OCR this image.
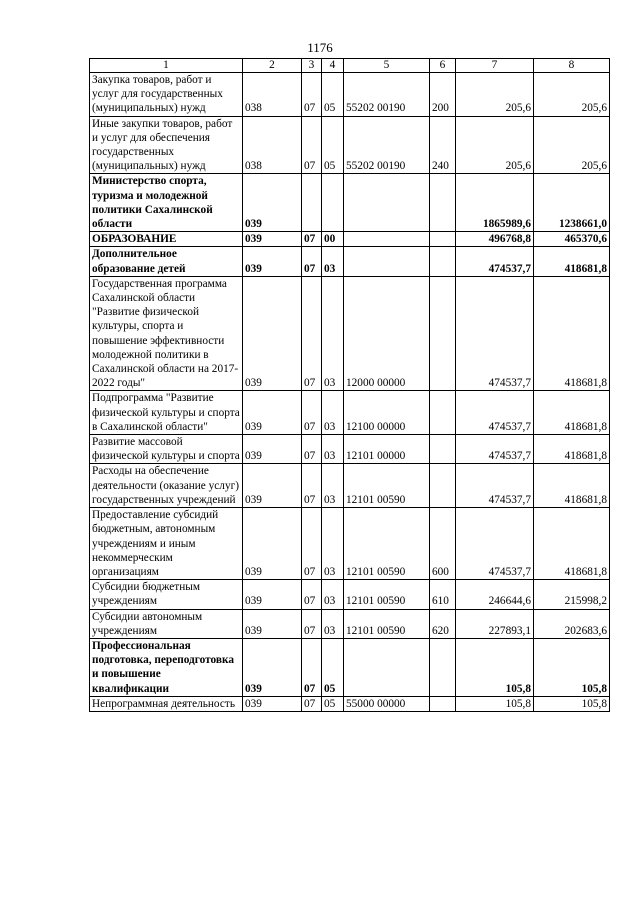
1176
1	2	3	4	5	6	7	8
Закупка товаров, работ и услуг для государственных (муниципальных) нужд	038	07	05	55202 00190	200	205,6	205,6
Иные закупки товаров, работ и услуг для обеспечения государственных (муниципальных) нужд	038	07	05	55202 00190	240	205,6	205,6
Министерство спорта, туризма и молодежной политики Сахалинской области	039					1865989,6	1238661,0
ОБРАЗОВАНИЕ	039	07	00			496768,8	465370,6
Дополнительное образование детей	039	07	03			474537,7	418681,8
Государственная программа Сахалинской области "Развитие физической культуры, спорта и повышение эффективности молодежной политики в Сахалинской области на 2017-2022 годы"	039	07	03	12000 00000		474537,7	418681,8
Подпрограмма "Развитие физической культуры и спорта в Сахалинской области"	039	07	03	12100 00000		474537,7	418681,8
Развитие массовой физической культуры и спорта	039	07	03	12101 00000		474537,7	418681,8
Расходы на обеспечение деятельности (оказание услуг) государственных учреждений	039	07	03	12101 00590		474537,7	418681,8
Предоставление субсидий бюджетным, автономным учреждениям и иным некоммерческим организациям	039	07	03	12101 00590	600	474537,7	418681,8
Субсидии бюджетным учреждениям	039	07	03	12101 00590	610	246644,6	215998,2
Субсидии автономным учреждениям	039	07	03	12101 00590	620	227893,1	202683,6
Профессиональная подготовка, переподготовка и повышение квалификации	039	07	05			105,8	105,8
Непрограммная деятельность	039	07	05	55000 00000		105,8	105,8
